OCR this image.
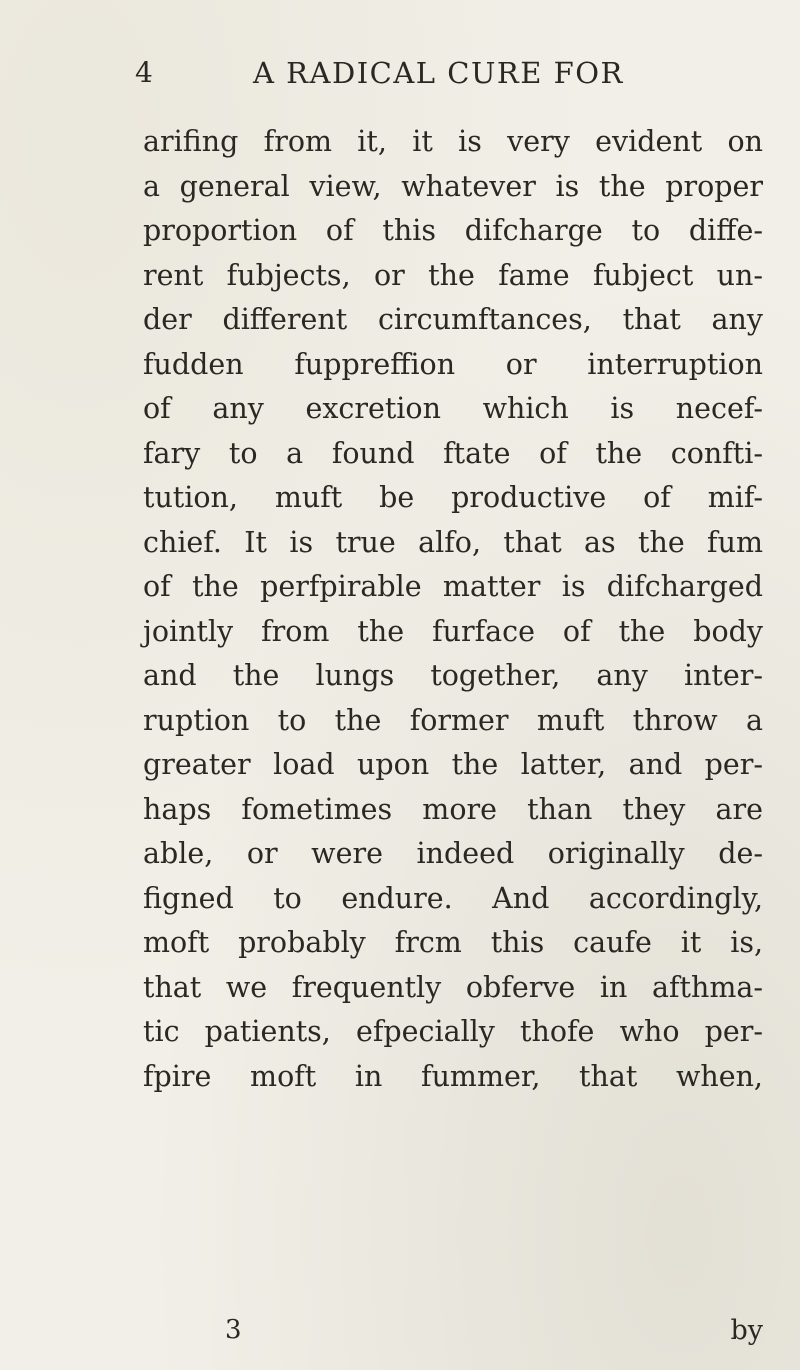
4	A RADICAL CURE FOR
arifing from it, it is very evident on
a general view, whatever is the proper
proportion of this difcharge to diffe-
rent fubjects, or the fame fubject un-
der different circumftances, that any
fudden fuppreffion or interruption
of any excretion which is necef-
fary to a found ftate of the confti-
tution, muft be productive of mif-
chief. It is true alfo, that as the fum
of the perfpirable matter is difcharged
jointly from the furface of the body
and the lungs together, any inter-
ruption to the former muft throw a
greater load upon the latter, and per-
haps fometimes more than they are
able, or were indeed originally de-
figned to endure. And accordingly,
moft probably frcm this caufe it is,
that we frequently obferve in afthma-
tic patients, efpecially thofe who per-
fpire moft in fummer, that when,
3	by
